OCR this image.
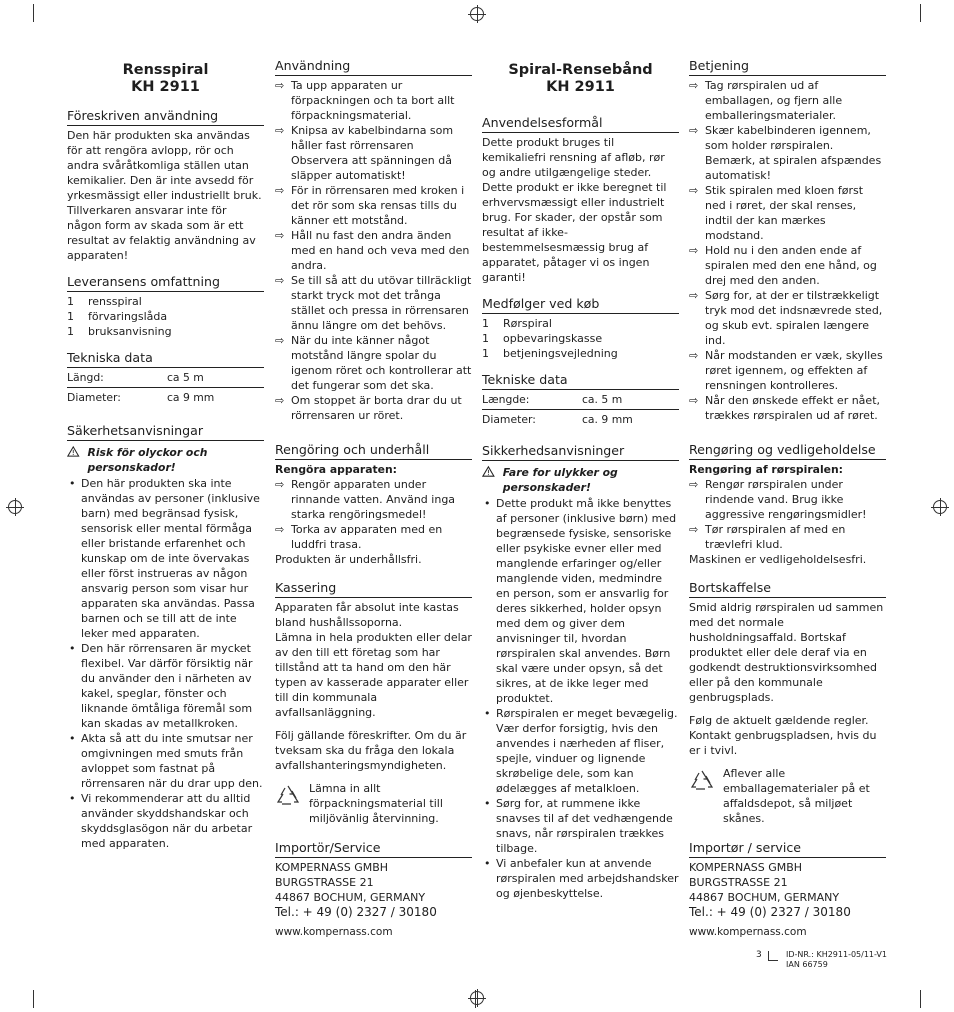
Rensspiral
KH 2911
Föreskriven användning

Den här produkten ska användas för att rengöra avlopp, rör och andra svåråtkomliga ställen utan kemikalier. Den är inte avsedd för yrkesmässigt eller industriellt bruk. Tillverkaren ansvarar inte för någon form av skada som är ett resultat av felaktig användning av apparaten!

Leveransens omfattning
1    rensspiral
1    förvaringslåda
1    bruksanvisning
Tekniska data
Längd:	ca 5 m
Diameter:	ca 9 mm
Säkerhetsanvisningar
Risk för olyckor och personskador!
• Den här produkten ska inte användas av personer (inklusive barn) med begränsad fysisk, sensorisk eller mental förmåga eller bristande erfarenhet och kunskap om de inte övervakas eller först instrueras av någon ansvarig person som visar hur apparaten ska användas. Passa barnen och se till att de inte leker med apparaten.
• Den här rörrensaren är mycket flexibel. Var därför försiktig när du använder den i närheten av kakel, speglar, fönster och liknande ömtåliga föremål som kan skadas av metallkroken.
• Akta så att du inte smutsar ner omgivningen med smuts från avloppet som fastnat på rörrensaren när du drar upp den.
• Vi rekommenderar att du alltid använder skyddshandskar och skyddsglasögon när du arbetar med apparaten.
Användning
⇨ Ta upp apparaten ur förpackningen och ta bort allt förpackningsmaterial.
⇨ Knipsa av kabelbindarna som håller fast rörrensaren Observera att spänningen då släpper automatiskt!
⇨ För in rörrensaren med kroken i det rör som ska rensas tills du känner ett motstånd.
⇨ Håll nu fast den andra änden med en hand och veva med den andra.
⇨ Se till så att du utövar tillräckligt starkt tryck mot det trånga stället och pressa in rörrensaren ännu längre om det behövs.
⇨ När du inte känner något motstånd längre spolar du igenom röret och kontrollerar att det fungerar som det ska.
⇨ Om stoppet är borta drar du ut rörrensaren ur röret.
Rengöring och underhåll
Rengöra apparaten:
⇨ Rengör apparaten under rinnande vatten. Använd inga starka rengöringsmedel!
⇨ Torka av apparaten med en luddfri trasa.

Produkten är underhållsfri.

Kassering

Apparaten får absolut inte kastas bland hushållssoporna.

Lämna in hela produkten eller delar av den till ett företag som har tillstånd att ta hand om den här typen av kasserade apparater eller till din kommunala avfallsanläggning.

Följ gällande föreskrifter. Om du är tveksam ska du fråga den lokala avfallshanteringsmyndigheten.

Lämna in allt förpackningsmaterial till miljövänlig återvinning.
Importör/Service
KOMPERNASS GMBH
BURGSTRASSE 21
44867 BOCHUM, GERMANY
Tel.: + 49 (0) 2327 / 30180
www.kompernass.com
Spiral-Rensebånd
KH 2911
Anvendelsesformål

Dette produkt bruges til kemikaliefri rensning af afløb, rør og andre utilgængelige steder. Dette produkt er ikke beregnet til erhvervsmæssigt eller industrielt brug. For skader, der opstår som resultat af ikke-bestemmelsesmæssig brug af apparatet, påtager vi os ingen garanti!

Medfølger ved køb
1    Rørspiral
1    opbevaringskasse
1    betjeningsvejledning
Tekniske data
Længde:	ca. 5 m
Diameter:	ca. 9 mm
Sikkerhedsanvisninger
Fare for ulykker og personskader!
• Dette produkt må ikke benyttes af personer (inklusive børn) med begrænsede fysiske, sensoriske eller psykiske evner eller med manglende erfaringer og/eller manglende viden, medmindre en person, som er ansvarlig for deres sikkerhed, holder opsyn med dem og giver dem anvisninger til, hvordan rørspiralen skal anvendes. Børn skal være under opsyn, så det sikres, at de ikke leger med produktet.
• Rørspiralen er meget bevægelig. Vær derfor forsigtig, hvis den anvendes i nærheden af fliser, spejle, vinduer og lignende skrøbelige dele, som kan ødelægges af metalkloen.
• Sørg for, at rummene ikke snavses til af det vedhængende snavs, når rørspiralen trækkes tilbage.
• Vi anbefaler kun at anvende rørspiralen med arbejdshandsker og øjenbeskyttelse.
Betjening
⇨ Tag rørspiralen ud af emballagen, og fjern alle emballeringsmaterialer.
⇨ Skær kabelbinderen igennem, som holder rørspiralen. Bemærk, at spiralen afspændes automatisk!
⇨ Stik spiralen med kloen først ned i røret, der skal renses, indtil der kan mærkes modstand.
⇨ Hold nu i den anden ende af spiralen med den ene hånd, og drej med den anden.
⇨ Sørg for, at der er tilstrækkeligt tryk mod det indsnævrede sted, og skub evt. spiralen længere ind.
⇨ Når modstanden er væk, skylles røret igennem, og effekten af rensningen kontrolleres.
⇨ Når den ønskede effekt er nået, trækkes rørspiralen ud af røret.
Rengøring og vedligeholdelse
Rengøring af rørspiralen:
⇨ Rengør rørspiralen under rindende vand. Brug ikke aggressive rengøringsmidler!
⇨ Tør rørspiralen af med en trævlefri klud.

Maskinen er vedligeholdelsesfri.

Bortskaffelse

Smid aldrig rørspiralen ud sammen med det normale husholdningsaffald. Bortskaf produktet eller dele deraf via en godkendt destruktionsvirksomhed eller på den kommunale genbrugsplads.

Følg de aktuelt gældende regler. Kontakt genbrugspladsen, hvis du er i tvivl.

Aflever alle emballagematerialer på et affaldsdepot, så miljøet skånes.
Importør / service
KOMPERNASS GMBH
BURGSTRASSE 21
44867 BOCHUM, GERMANY
Tel.: + 49 (0) 2327 / 30180
www.kompernass.com
3	ID-NR.: KH2911-05/11-V1
IAN 66759
